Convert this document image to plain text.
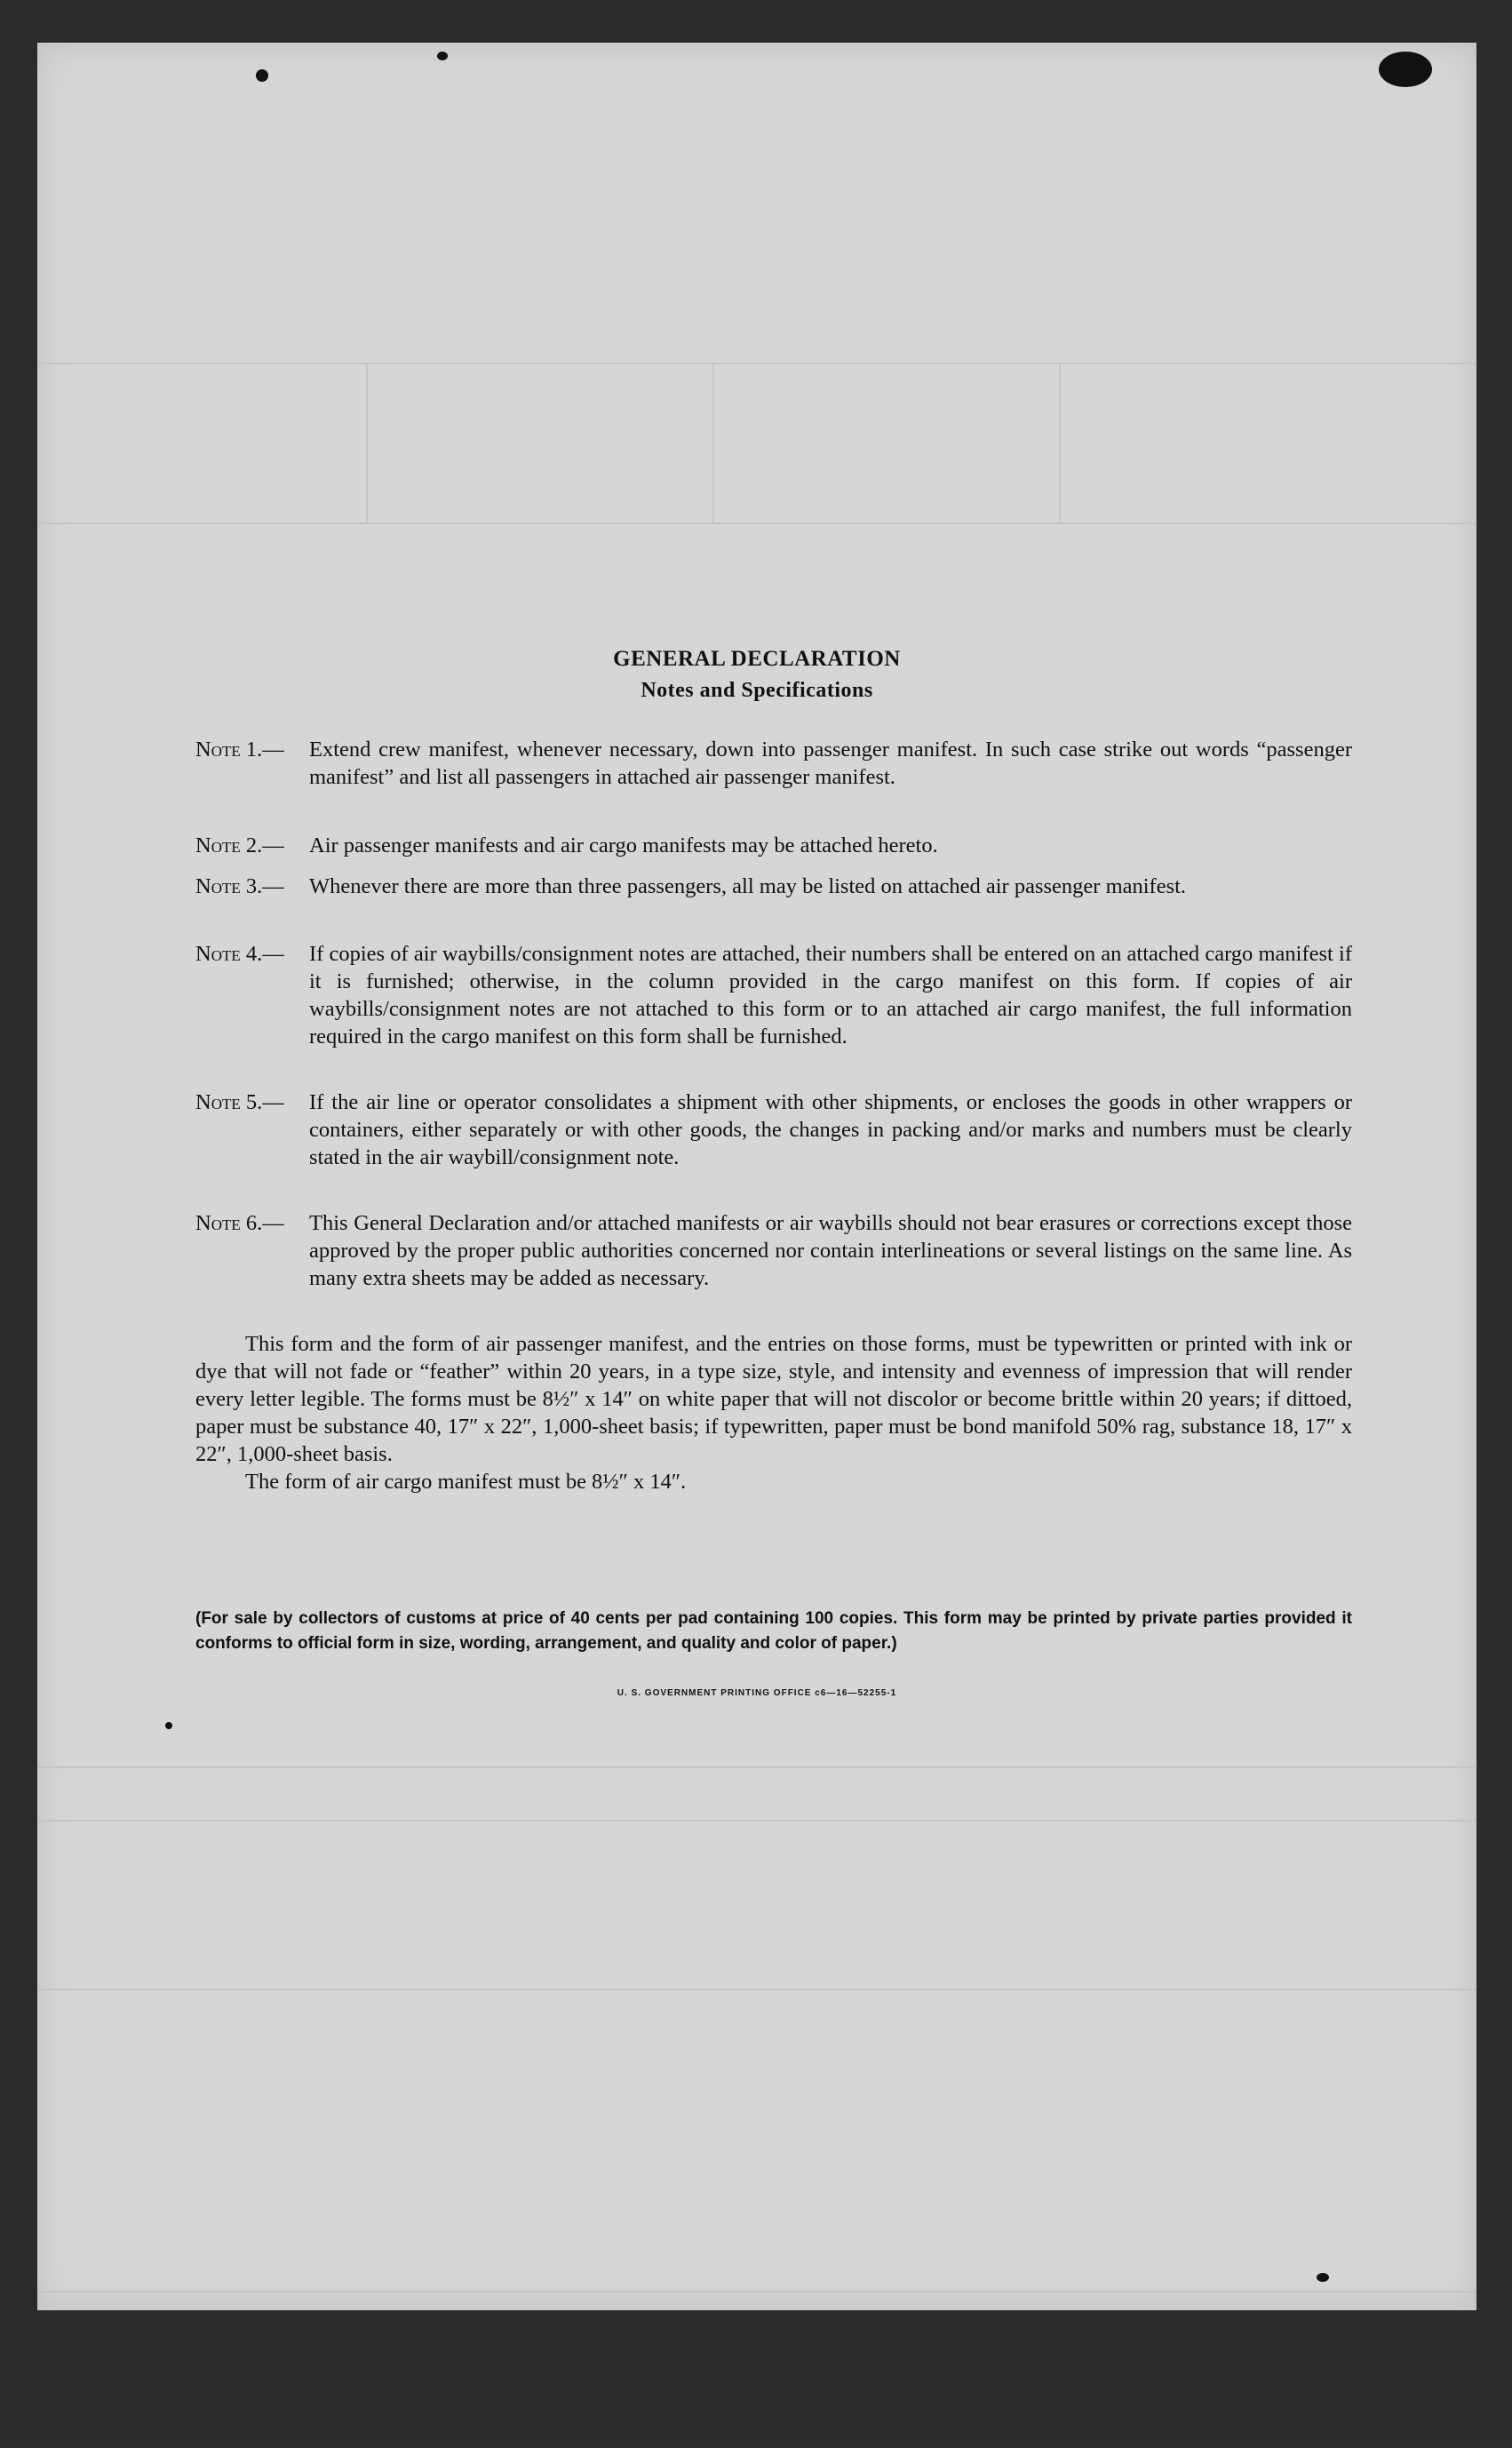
GENERAL DECLARATION
Notes and Specifications
Note 1.—	Extend crew manifest, whenever necessary, down into passenger manifest. In such case strike out words “passenger manifest” and list all passengers in attached air passenger manifest.
Note 2.—	Air passenger manifests and air cargo manifests may be attached hereto.
Note 3.—	Whenever there are more than three passengers, all may be listed on attached air passenger manifest.
Note 4.—	If copies of air waybills/consignment notes are attached, their numbers shall be entered on an attached cargo manifest if it is furnished; otherwise, in the column provided in the cargo manifest on this form. If copies of air waybills/consignment notes are not attached to this form or to an attached air cargo manifest, the full information required in the cargo manifest on this form shall be furnished.
Note 5.—	If the air line or operator consolidates a shipment with other shipments, or encloses the goods in other wrappers or containers, either separately or with other goods, the changes in packing and/or marks and numbers must be clearly stated in the air waybill/consignment note.
Note 6.—	This General Declaration and/or attached manifests or air waybills should not bear erasures or corrections except those approved by the proper public authorities concerned nor contain interlineations or several listings on the same line. As many extra sheets may be added as necessary.
This form and the form of air passenger manifest, and the entries on those forms, must be typewritten or printed with ink or dye that will not fade or “feather” within 20 years, in a type size, style, and intensity and evenness of impression that will render every letter legible. The forms must be 8½″ x 14″ on white paper that will not discolor or become brittle within 20 years; if dittoed, paper must be substance 40, 17″ x 22″, 1,000-sheet basis; if typewritten, paper must be bond manifold 50% rag, substance 18, 17″ x 22″, 1,000-sheet basis.
The form of air cargo manifest must be 8½″ x 14″.
(For sale by collectors of customs at price of 40 cents per pad containing 100 copies. This form may be printed by private parties provided it conforms to official form in size, wording, arrangement, and quality and color of paper.)
U. S. GOVERNMENT PRINTING OFFICE c6—16—52255-1
